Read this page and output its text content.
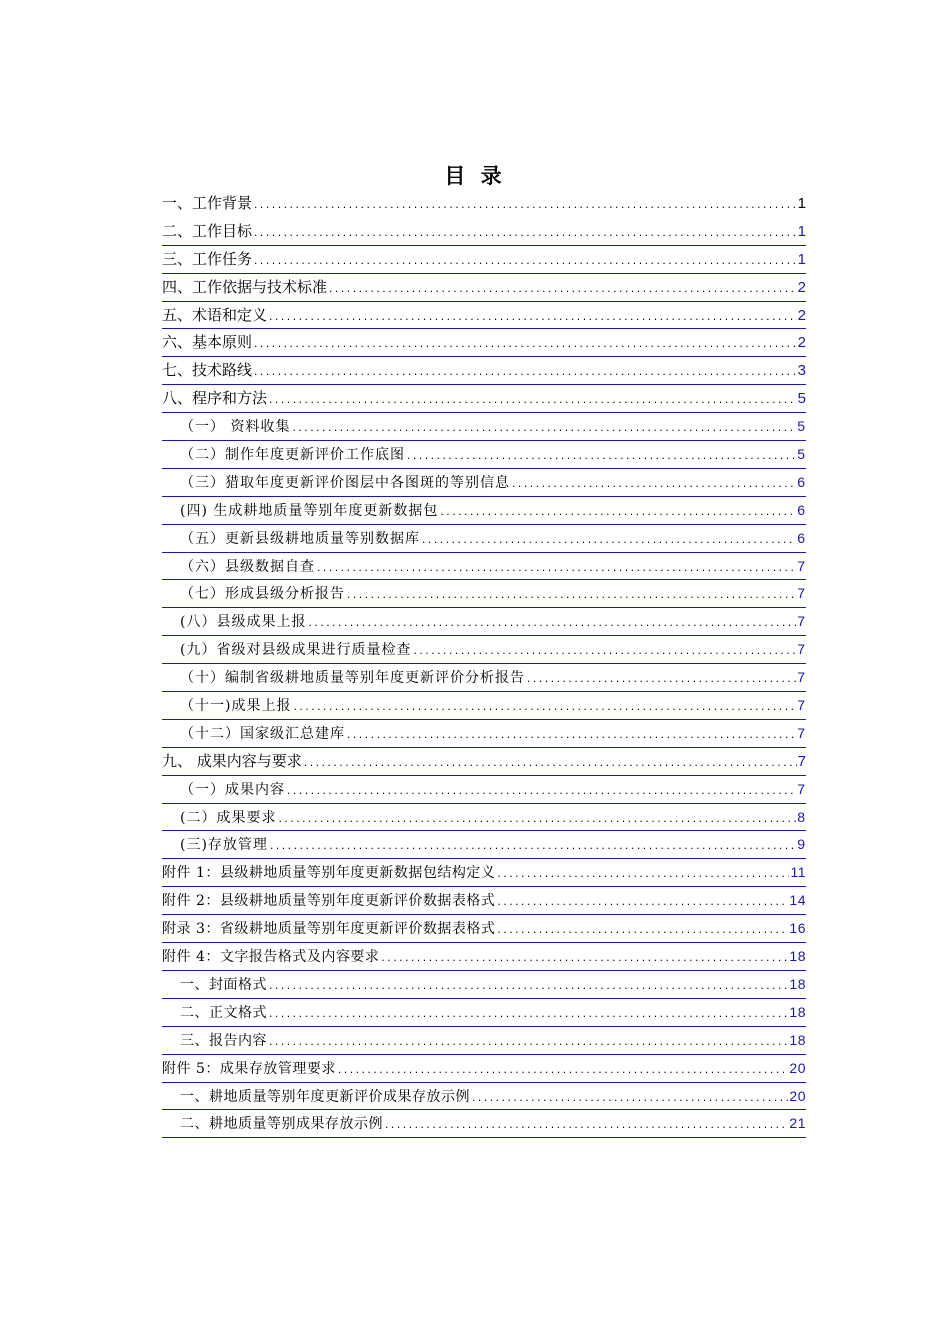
目 录
一、工作背景 .....	1
二、工作目标 .....	1
三、工作任务 .....	1
四、工作依据与技术标准 .....	2
五、术语和定义 .....	2
六、基本原则 .....	2
七、技术路线 .....	3
八、程序和方法 .....	5
（一） 资料收集 .....	5
（二）制作年度更新评价工作底图 .....	5
（三）猎取年度更新评价图层中各图斑的等别信息 .....	6
(四) 生成耕地质量等别年度更新数据包 .....	6
（五）更新县级耕地质量等别数据库 .....	6
（六）县级数据自查 .....	7
（七）形成县级分析报告 .....	7
(八）县级成果上报 .....	7
(九）省级对县级成果进行质量检查 .....	7
（十）编制省级耕地质量等别年度更新评价分析报告 .....	7
（十一)成果上报 .....	7
（十二）国家级汇总建库 .....	7
九、 成果内容与要求 .....	7
（一）成果内容 .....	7
(二）成果要求 .....	8
(三)存放管理 .....	9
附件 1：县级耕地质量等别年度更新数据包结构定义 .....	11
附件 2：县级耕地质量等别年度更新评价数据表格式 .....	14
附录 3：省级耕地质量等别年度更新评价数据表格式 .....	16
附件 4：文字报告格式及内容要求 .....	18
一、封面格式 .....	18
二、正文格式 .....	18
三、报告内容 .....	18
附件 5：成果存放管理要求 .....	20
一、耕地质量等别年度更新评价成果存放示例 .....	20
二、耕地质量等别成果存放示例 .....	21
